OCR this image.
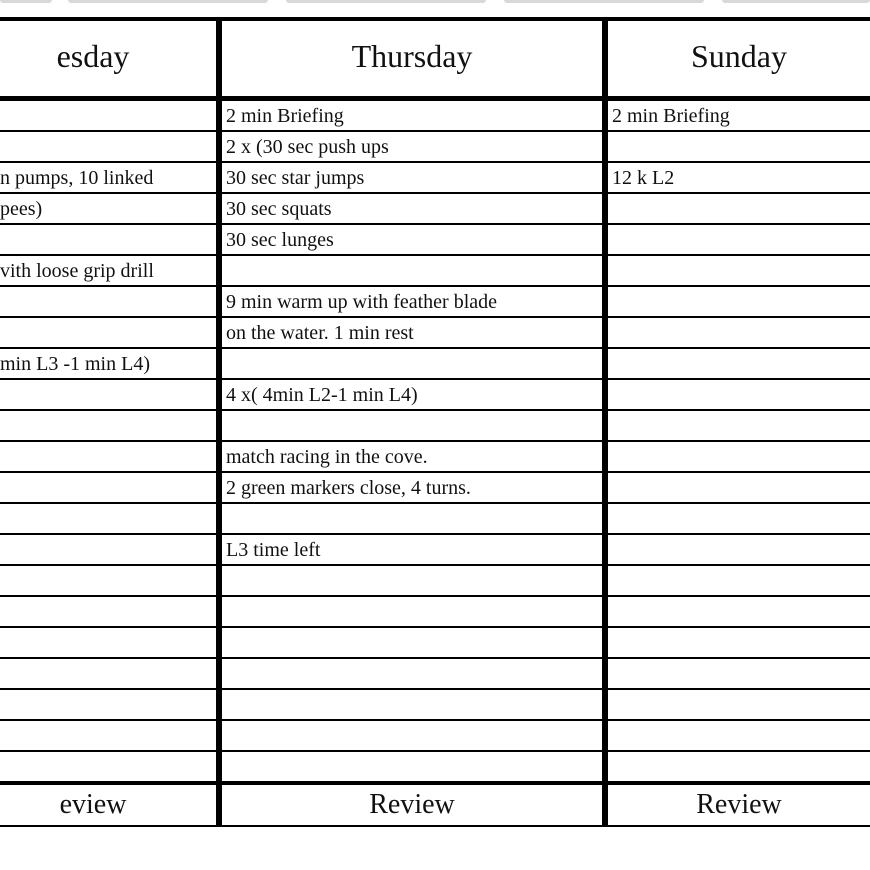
esday
n pumps, 10 linked
pees)
vith loose grip drill
min L3 -1 min L4)
eview
Thursday
2 min Briefing
2 x (30 sec push ups
30 sec star jumps
30 sec squats
30 sec lunges
9 min warm up with feather blade
on the water. 1 min rest
4 x( 4min L2-1 min L4)
match racing in the cove.
2 green markers close, 4 turns.
L3 time left
Review
Sunday
2 min Briefing
12 k L2
Review
